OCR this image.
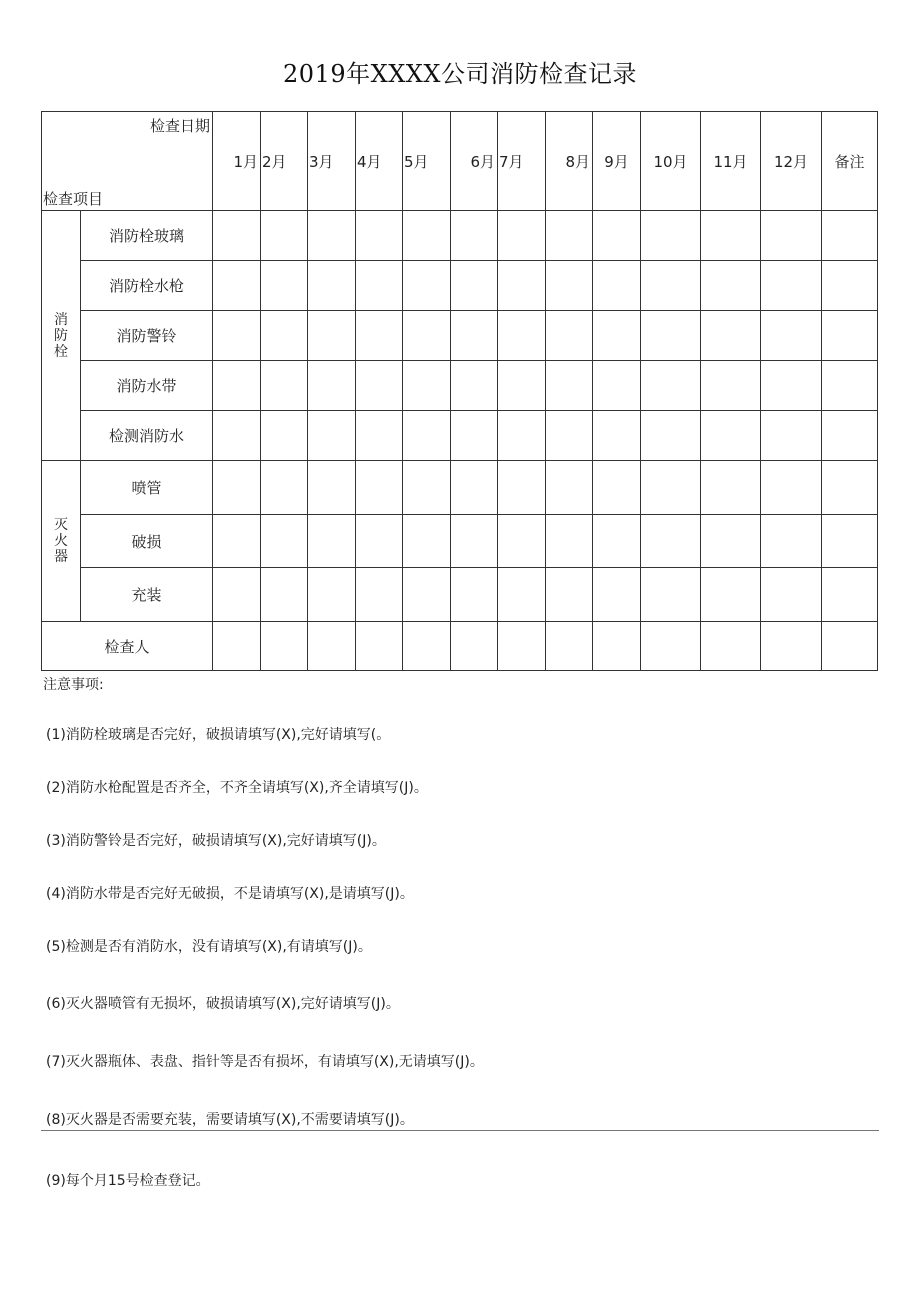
2019年XXXX公司消防检查记录
检查日期
检查项目		1月	2月	3月	4月	5月	6月	7月	8月	9月	10月	11月	12月	备注
消防栓	消防栓玻璃													
	消防栓水枪													
	消防警铃													
	消防水带													
	检测消防水													
灭火器	喷管													
	破损													
	充装													
检查人														
注意事项:
(1)消防栓玻璃是否完好，破损请填写(X),完好请填写(。
(2)消防水枪配置是否齐全，不齐全请填写(X),齐全请填写(J)。
(3)消防警铃是否完好，破损请填写(X),完好请填写(J)。
(4)消防水带是否完好无破损，不是请填写(X),是请填写(J)。
(5)检测是否有消防水，没有请填写(X),有请填写(J)。
(6)灭火器喷管有无损坏，破损请填写(X),完好请填写(J)。
(7)灭火器瓶体、表盘、指针等是否有损坏，有请填写(X),无请填写(J)。
(8)灭火器是否需要充装，需要请填写(X),不需要请填写(J)。
(9)每个月15号检查登记。
